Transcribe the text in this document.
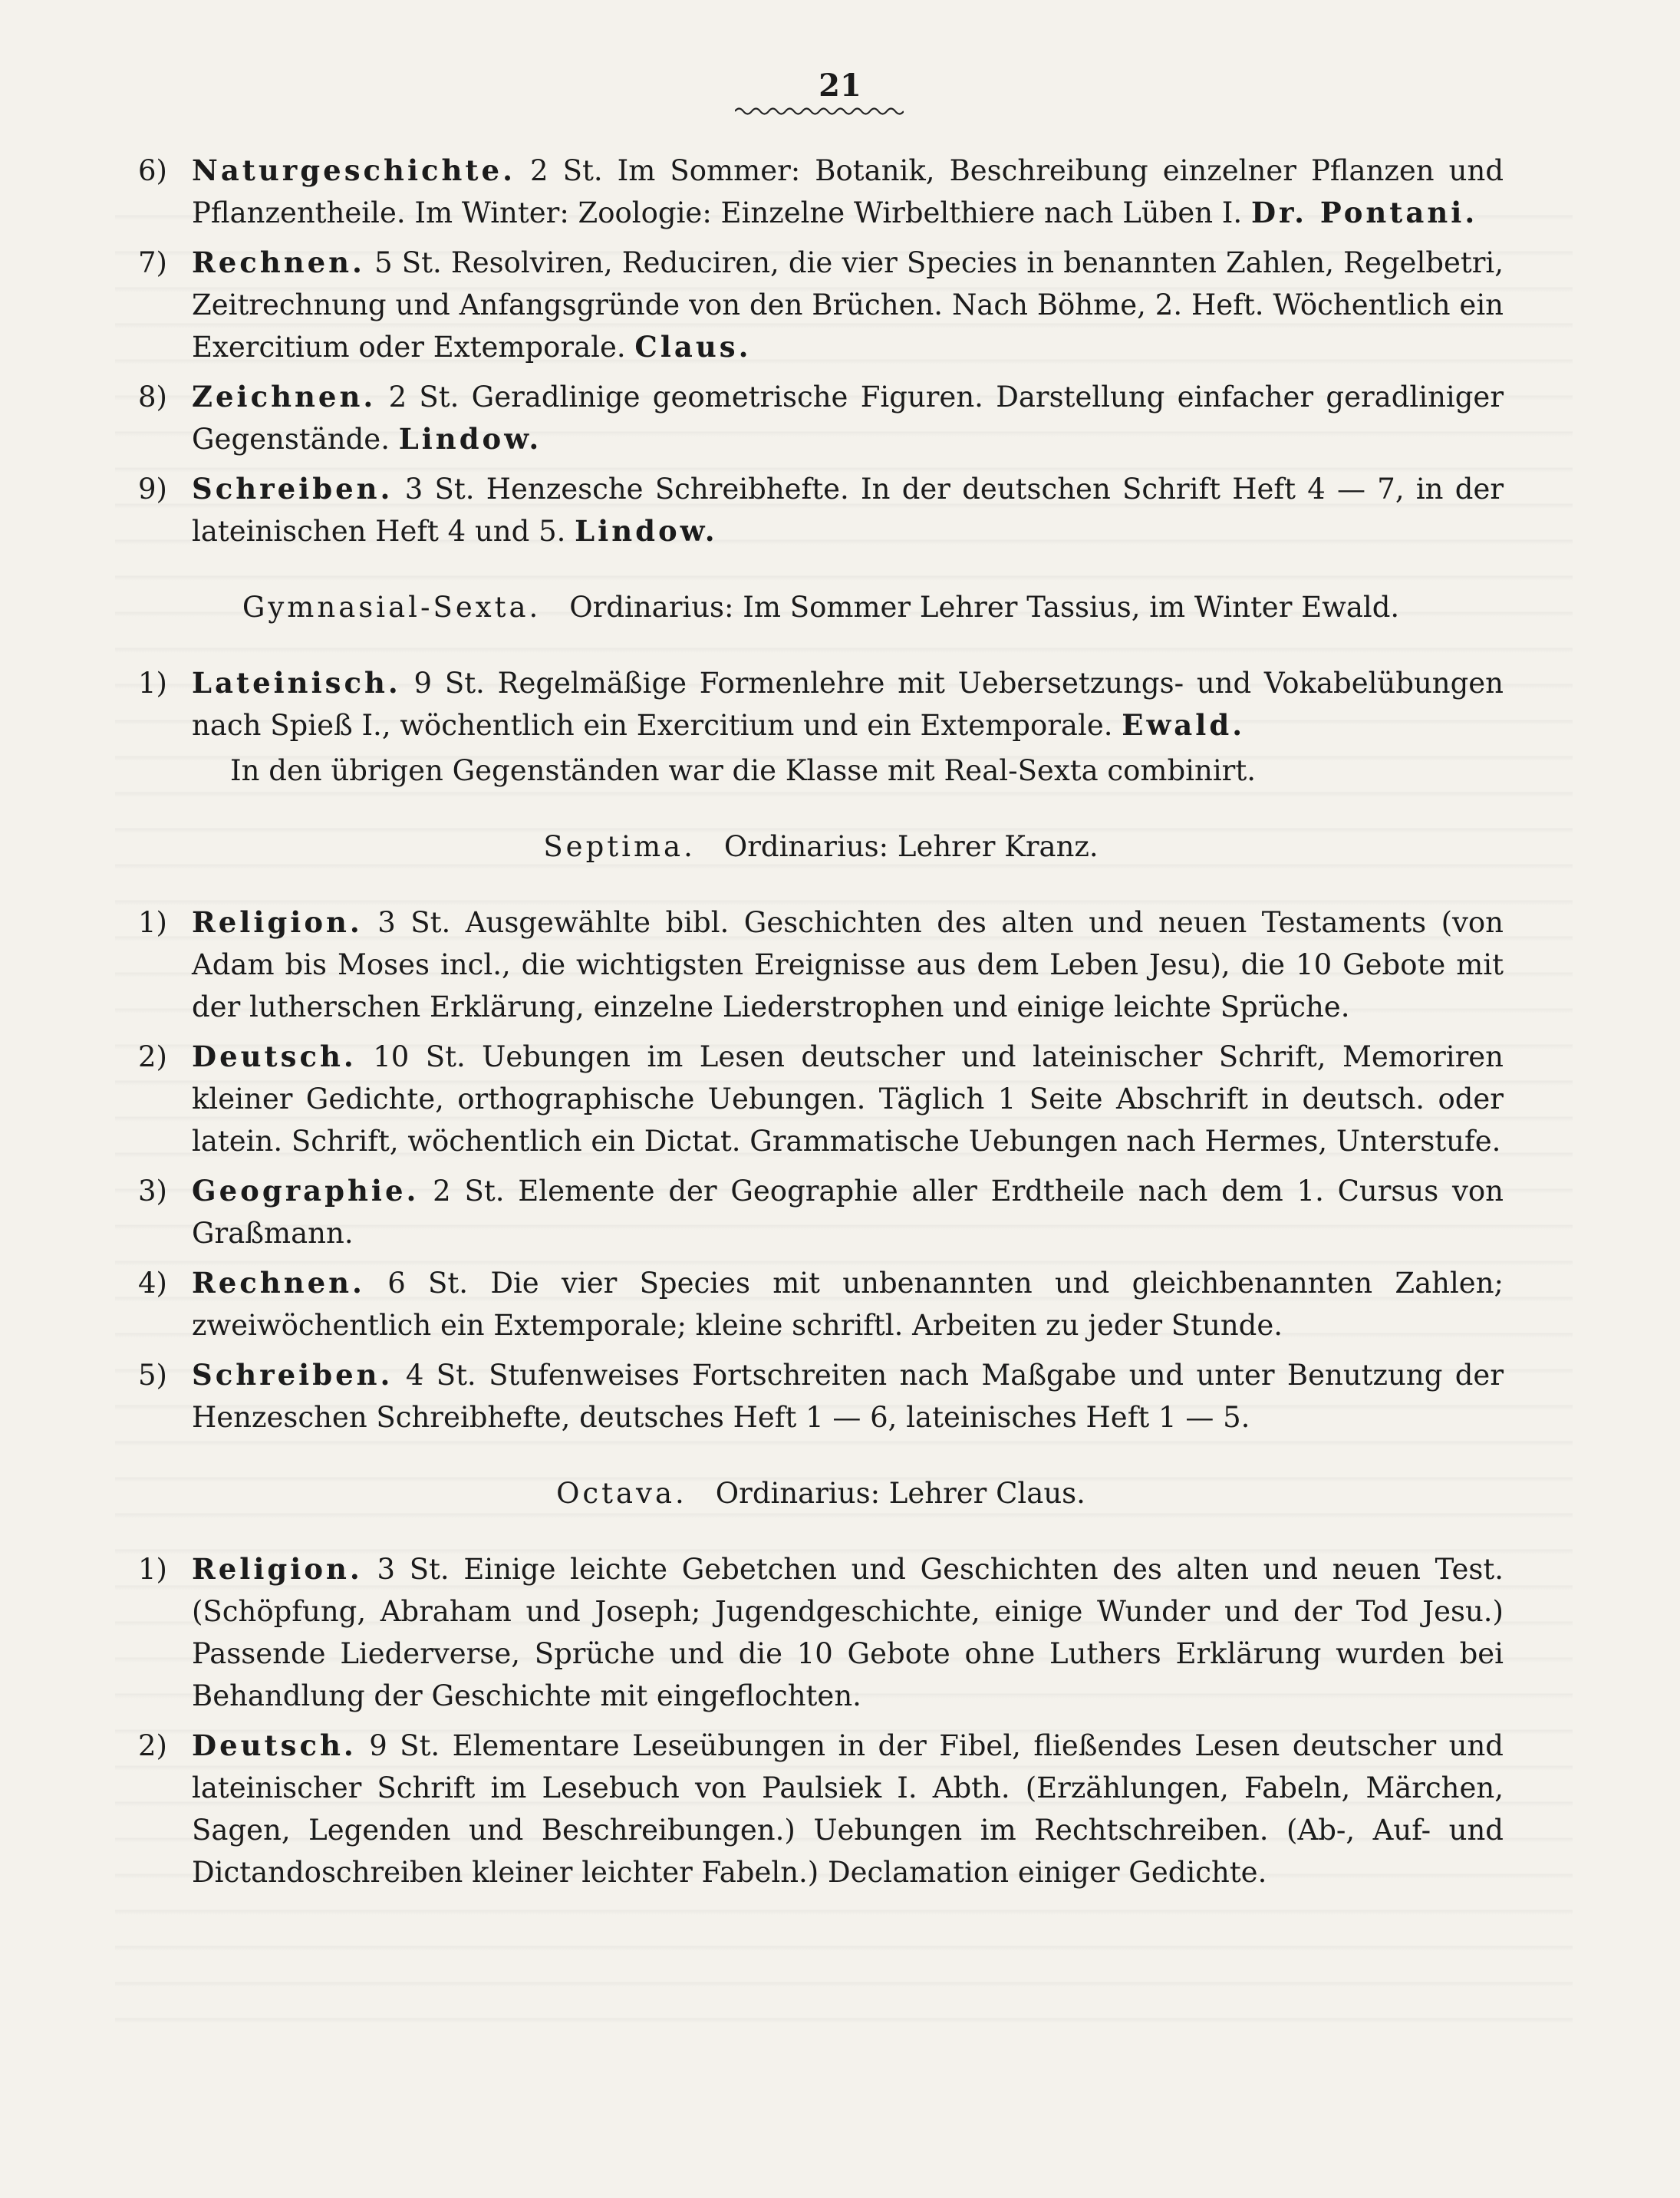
21
6) Naturgeschichte. 2 St. Im Sommer: Botanik, Beschreibung einzelner Pflanzen und Pflanzentheile. Im Winter: Zoologie: Einzelne Wirbelthiere nach Lüben I. Dr. Pontani.
7) Rechnen. 5 St. Resolviren, Reduciren, die vier Species in benannten Zahlen, Regelbetri, Zeitrechnung und Anfangsgründe von den Brüchen. Nach Böhme, 2. Heft. Wöchentlich ein Exercitium oder Extemporale. Claus.
8) Zeichnen. 2 St. Geradlinige geometrische Figuren. Darstellung einfacher geradliniger Gegenstände. Lindow.
9) Schreiben. 3 St. Henzesche Schreibhefte. In der deutschen Schrift Heft 4 — 7, in der lateinischen Heft 4 und 5. Lindow.
Gymnasial-Sexta.  Ordinarius: Im Sommer Lehrer Tassius, im Winter Ewald.
1) Lateinisch. 9 St. Regelmäßige Formenlehre mit Uebersetzungs- und Vokabelübungen nach Spieß I., wöchentlich ein Exercitium und ein Extemporale. Ewald.
In den übrigen Gegenständen war die Klasse mit Real-Sexta combinirt.
Septima.  Ordinarius: Lehrer Kranz.
1) Religion. 3 St. Ausgewählte bibl. Geschichten des alten und neuen Testaments (von Adam bis Moses incl., die wichtigsten Ereignisse aus dem Leben Jesu), die 10 Gebote mit der lutherschen Erklärung, einzelne Liederstrophen und einige leichte Sprüche.
2) Deutsch. 10 St. Uebungen im Lesen deutscher und lateinischer Schrift, Memoriren kleiner Gedichte, orthographische Uebungen. Täglich 1 Seite Abschrift in deutsch. oder latein. Schrift, wöchentlich ein Dictat. Grammatische Uebungen nach Hermes, Unterstufe.
3) Geographie. 2 St. Elemente der Geographie aller Erdtheile nach dem 1. Cursus von Graßmann.
4) Rechnen. 6 St. Die vier Species mit unbenannten und gleichbenannten Zahlen; zweiwöchentlich ein Extemporale; kleine schriftl. Arbeiten zu jeder Stunde.
5) Schreiben. 4 St. Stufenweises Fortschreiten nach Maßgabe und unter Benutzung der Henzeschen Schreibhefte, deutsches Heft 1 — 6, lateinisches Heft 1 — 5.
Octava.  Ordinarius: Lehrer Claus.
1) Religion. 3 St. Einige leichte Gebetchen und Geschichten des alten und neuen Test. (Schöpfung, Abraham und Joseph; Jugendgeschichte, einige Wunder und der Tod Jesu.) Passende Liederverse, Sprüche und die 10 Gebote ohne Luthers Erklärung wurden bei Behandlung der Geschichte mit eingeflochten.
2) Deutsch. 9 St. Elementare Leseübungen in der Fibel, fließendes Lesen deutscher und lateinischer Schrift im Lesebuch von Paulsiek I. Abth. (Erzählungen, Fabeln, Märchen, Sagen, Legenden und Beschreibungen.) Uebungen im Rechtschreiben. (Ab-, Auf- und Dictandoschreiben kleiner leichter Fabeln.) Declamation einiger Gedichte.
